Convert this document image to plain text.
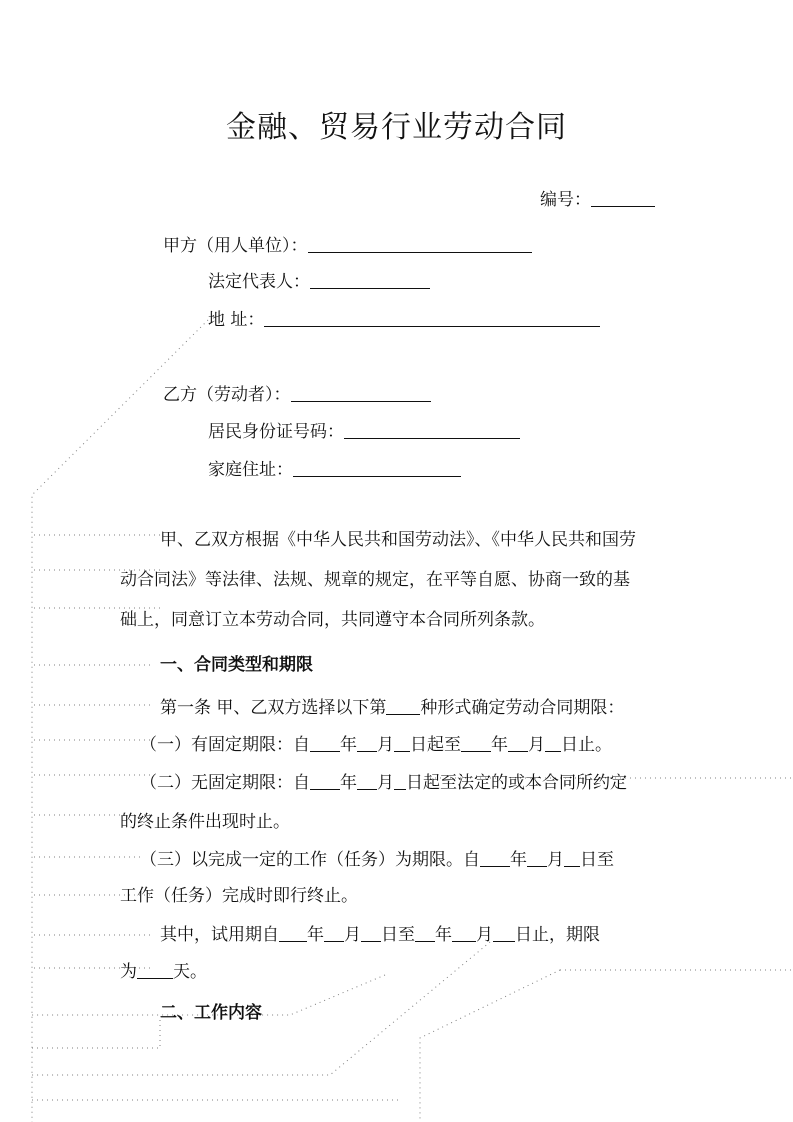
金融、贸易行业劳动合同
编号：
甲方（用人单位）：
法定代表人：
地 址：
乙方（劳动者）：
居民身份证号码：
家庭住址：
甲、乙双方根据《中华人民共和国劳动法》、《中华人民共和国劳
动合同法》等法律、法规、规章的规定，在平等自愿、协商一致的基
础上，同意订立本劳动合同，共同遵守本合同所列条款。
一、合同类型和期限
第一条 甲、乙双方选择以下第 种形式确定劳动合同期限：
（一）有固定期限：自 年 月 日起至 年 月 日止。
（二）无固定期限：自 年 月 日起至法定的或本合同所约定
的终止条件出现时止。
（三）以完成一定的工作（任务）为期限。自 年 月 日至
工作（任务）完成时即行终止。
其中，试用期自 年 月 日至 年 月 日止，期限
为 天。
二、工作内容
